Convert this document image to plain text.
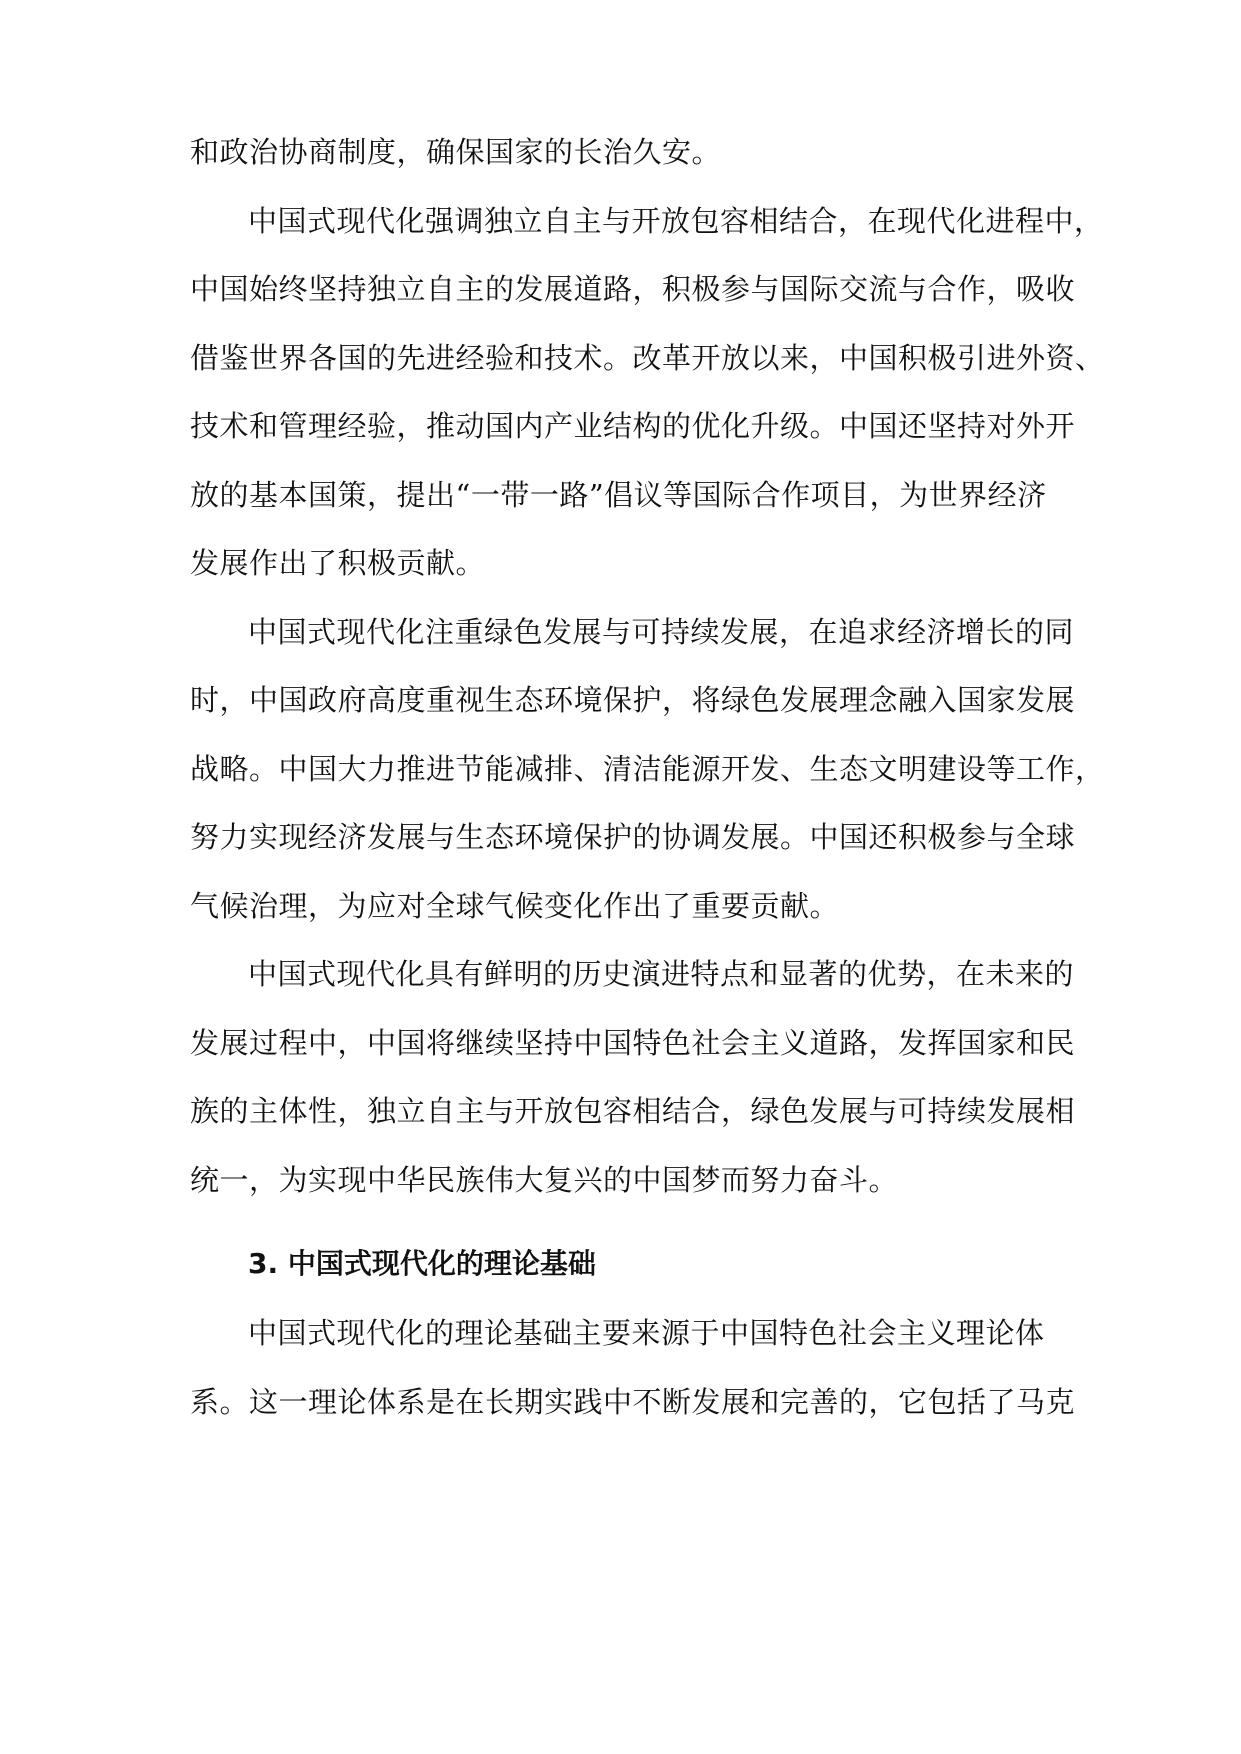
和政治协商制度，确保国家的长治久安。
中国式现代化强调独立自主与开放包容相结合，在现代化进程中，
中国始终坚持独立自主的发展道路，积极参与国际交流与合作，吸收
借鉴世界各国的先进经验和技术。改革开放以来，中国积极引进外资、
技术和管理经验，推动国内产业结构的优化升级。中国还坚持对外开
放的基本国策，提出“一带一路”倡议等国际合作项目，为世界经济
发展作出了积极贡献。
中国式现代化注重绿色发展与可持续发展，在追求经济增长的同
时，中国政府高度重视生态环境保护，将绿色发展理念融入国家发展
战略。中国大力推进节能减排、清洁能源开发、生态文明建设等工作，
努力实现经济发展与生态环境保护的协调发展。中国还积极参与全球
气候治理，为应对全球气候变化作出了重要贡献。
中国式现代化具有鲜明的历史演进特点和显著的优势，在未来的
发展过程中，中国将继续坚持中国特色社会主义道路，发挥国家和民
族的主体性，独立自主与开放包容相结合，绿色发展与可持续发展相
统一，为实现中华民族伟大复兴的中国梦而努力奋斗。
3. 中国式现代化的理论基础
中国式现代化的理论基础主要来源于中国特色社会主义理论体
系。这一理论体系是在长期实践中不断发展和完善的，它包括了马克
